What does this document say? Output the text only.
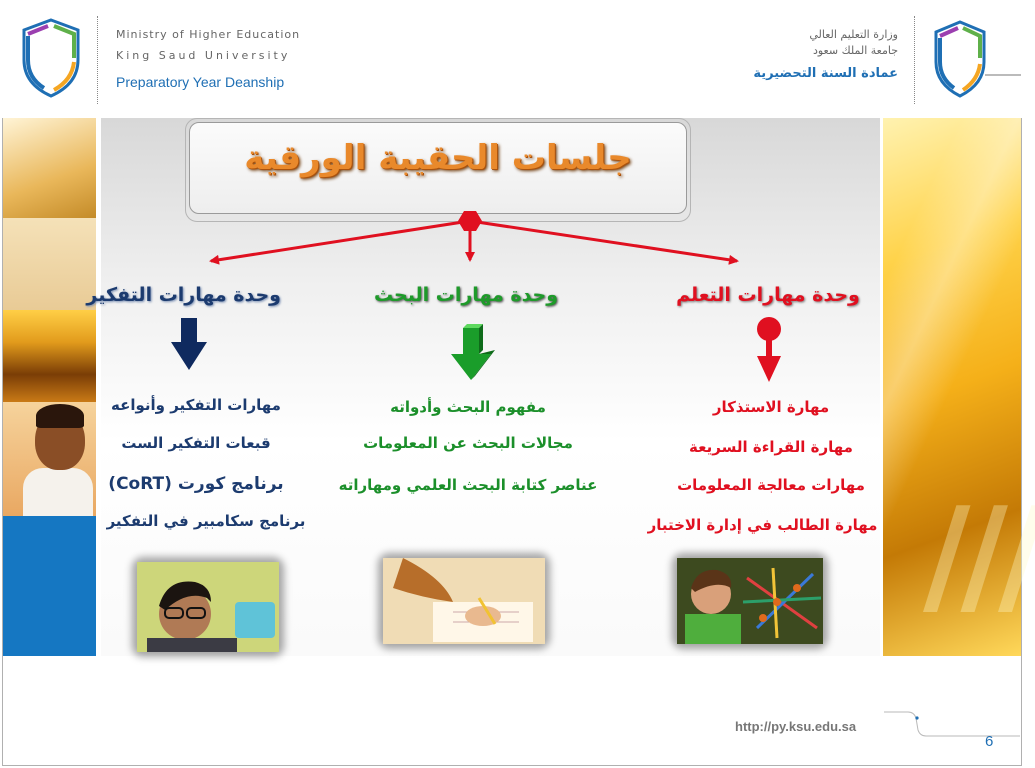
Ministry of Higher Education
King Saud University
Preparatory Year Deanship
وزارة التعليم العالي
جامعة الملك سعود
عمادة السنة التحضيرية
///
جلسات الحقيبة الورقية
وحدة مهارات التفكير	وحدة مهارات البحث	وحدة مهارات التعلم
مهارات التفكير وأنواعه
قبعات التفكير الست
برنامج كورت (CoRT)
برنامج سكامبير في التفكير
مفهوم البحث وأدواته
مجالات البحث عن المعلومات
عناصر كتابة البحث العلمي ومهاراته
مهارة الاستذكار
مهارة القراءة السريعة
مهارات معالجة المعلومات
مهارة الطالب في إدارة الاختبار
http://py.ksu.edu.sa
6
